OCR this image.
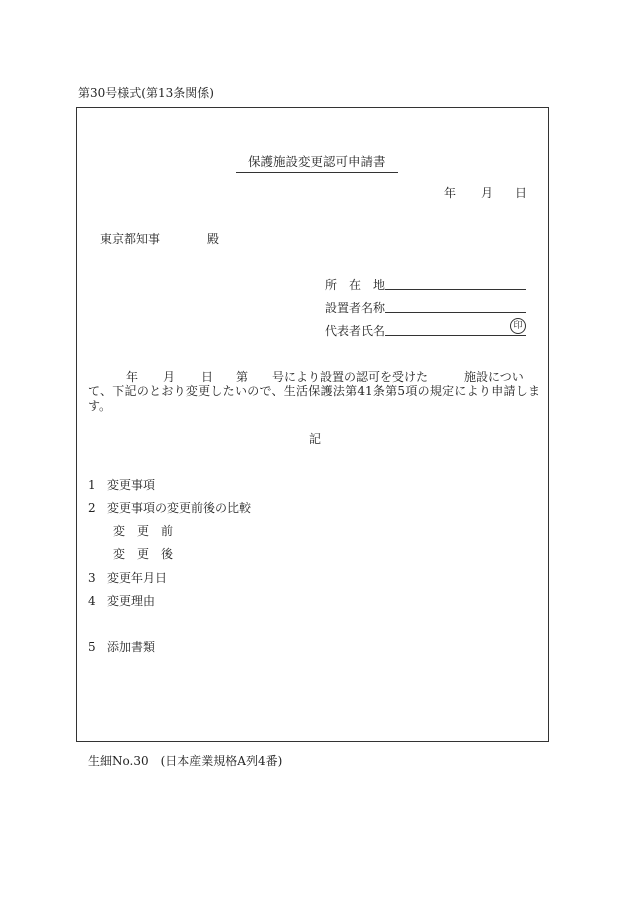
第30号様式(第13条関係)
保護施設変更認可申請書
年 月 日
東京都知事	殿
所　在　地
設置者名称
代表者氏名	印
年 月 日 第 号により設置の認可を受けた	施設につい
て、下記のとおり変更したいので、生活保護法第41条第5項の規定により申請します。
記
1 変更事項
2 変更事項の変更前後の比較
変　更　前
変　更　後
3 変更年月日
4 変更理由
5 添加書類
生細No.30　(日本産業規格A列4番)
